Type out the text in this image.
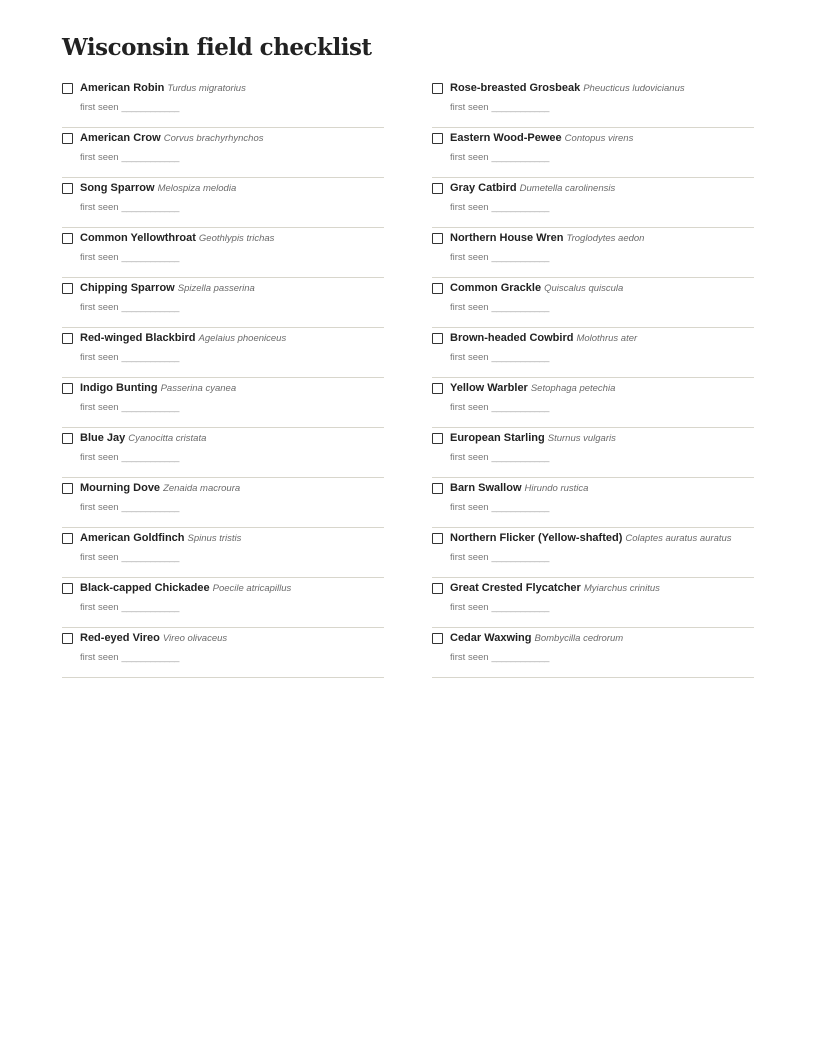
Wisconsin field checklist
American Robin Turdus migratorius
first seen ____________
American Crow Corvus brachyrhynchos
first seen ____________
Song Sparrow Melospiza melodia
first seen ____________
Common Yellowthroat Geothlypis trichas
first seen ____________
Chipping Sparrow Spizella passerina
first seen ____________
Red-winged Blackbird Agelaius phoeniceus
first seen ____________
Indigo Bunting Passerina cyanea
first seen ____________
Blue Jay Cyanocitta cristata
first seen ____________
Mourning Dove Zenaida macroura
first seen ____________
American Goldfinch Spinus tristis
first seen ____________
Black-capped Chickadee Poecile atricapillus
first seen ____________
Red-eyed Vireo Vireo olivaceus
first seen ____________
Rose-breasted Grosbeak Pheucticus ludovicianus
first seen ____________
Eastern Wood-Pewee Contopus virens
first seen ____________
Gray Catbird Dumetella carolinensis
first seen ____________
Northern House Wren Troglodytes aedon
first seen ____________
Common Grackle Quiscalus quiscula
first seen ____________
Brown-headed Cowbird Molothrus ater
first seen ____________
Yellow Warbler Setophaga petechia
first seen ____________
European Starling Sturnus vulgaris
first seen ____________
Barn Swallow Hirundo rustica
first seen ____________
Northern Flicker (Yellow-shafted) Colaptes auratus auratus
first seen ____________
Great Crested Flycatcher Myiarchus crinitus
first seen ____________
Cedar Waxwing Bombycilla cedrorum
first seen ____________
